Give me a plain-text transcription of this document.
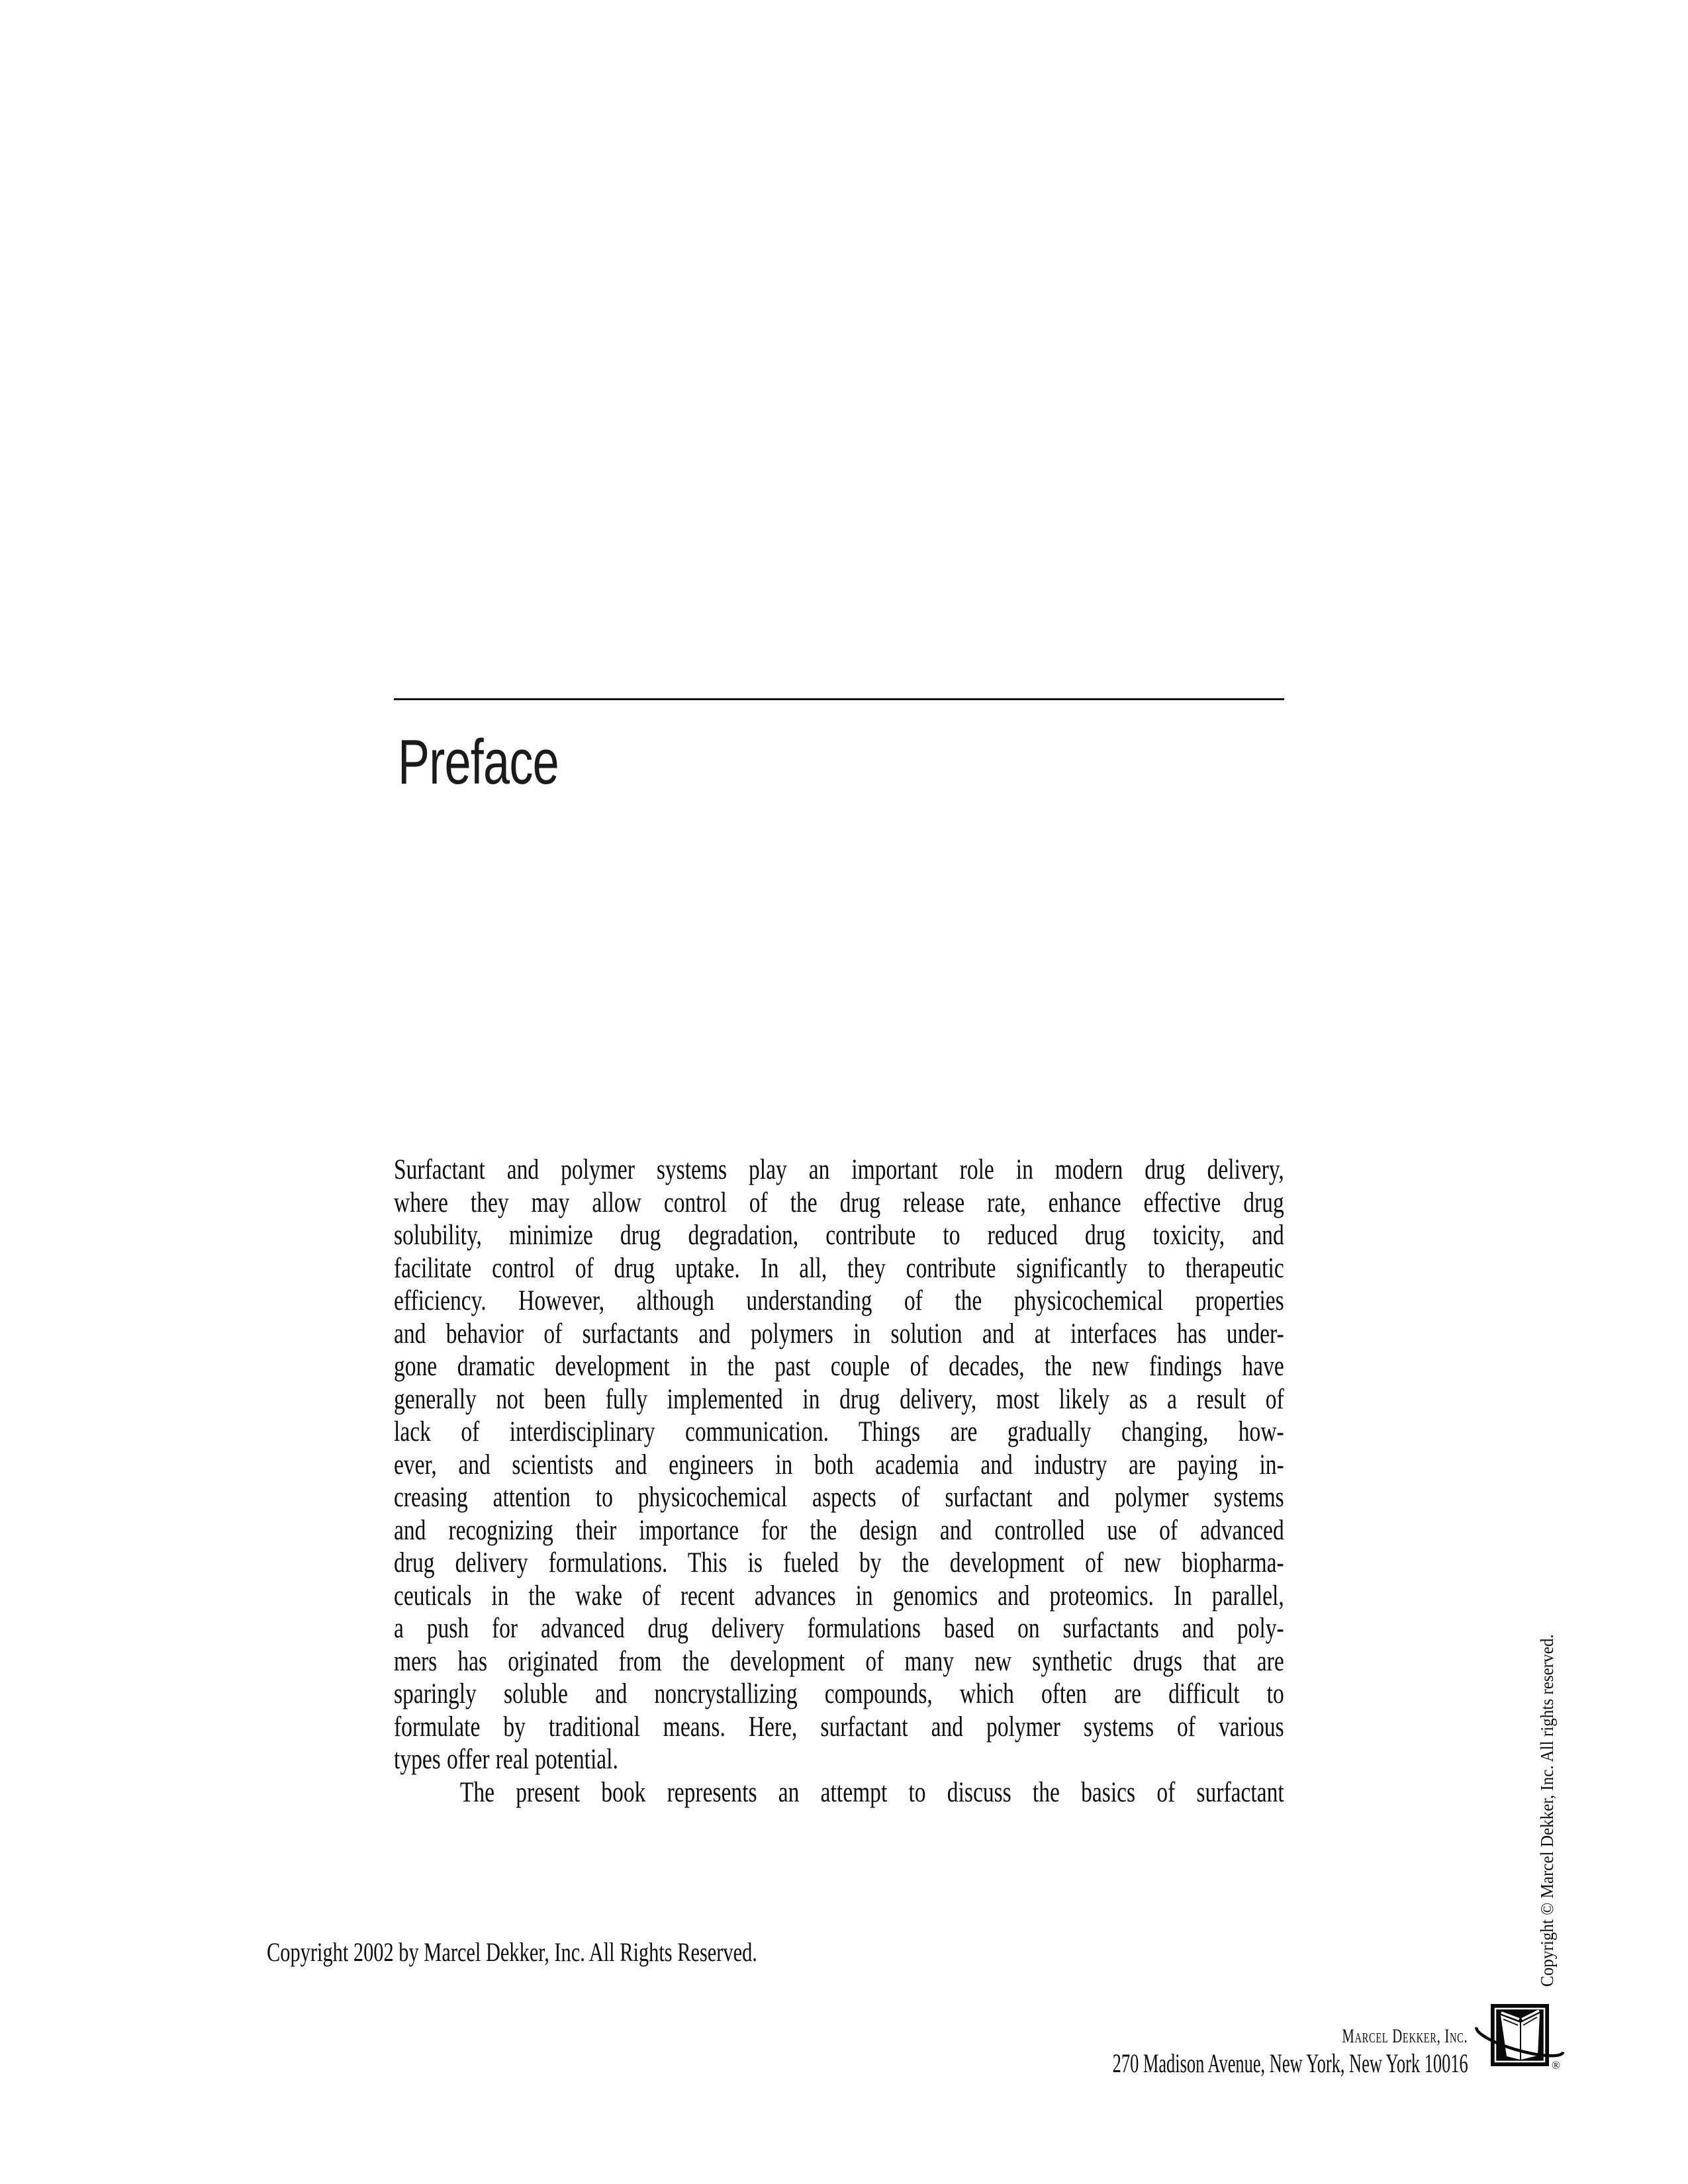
Preface
Surfactant and polymer systems play an important role in modern drug delivery,
where they may allow control of the drug release rate, enhance effective drug
solubility, minimize drug degradation, contribute to reduced drug toxicity, and
facilitate control of drug uptake. In all, they contribute significantly to therapeutic
efficiency. However, although understanding of the physicochemical properties
and behavior of surfactants and polymers in solution and at interfaces has under-
gone dramatic development in the past couple of decades, the new findings have
generally not been fully implemented in drug delivery, most likely as a result of
lack of interdisciplinary communication. Things are gradually changing, how-
ever, and scientists and engineers in both academia and industry are paying in-
creasing attention to physicochemical aspects of surfactant and polymer systems
and recognizing their importance for the design and controlled use of advanced
drug delivery formulations. This is fueled by the development of new biopharma-
ceuticals in the wake of recent advances in genomics and proteomics. In parallel,
a push for advanced drug delivery formulations based on surfactants and poly-
mers has originated from the development of many new synthetic drugs that are
sparingly soluble and noncrystallizing compounds, which often are difficult to
formulate by traditional means. Here, surfactant and polymer systems of various
types offer real potential.
The present book represents an attempt to discuss the basics of surfactant
Copyright 2002 by Marcel Dekker, Inc. All Rights Reserved.
Marcel Dekker, Inc.
270 Madison Avenue, New York, New York 10016	®
Copyright © Marcel Dekker, Inc. All rights reserved.
